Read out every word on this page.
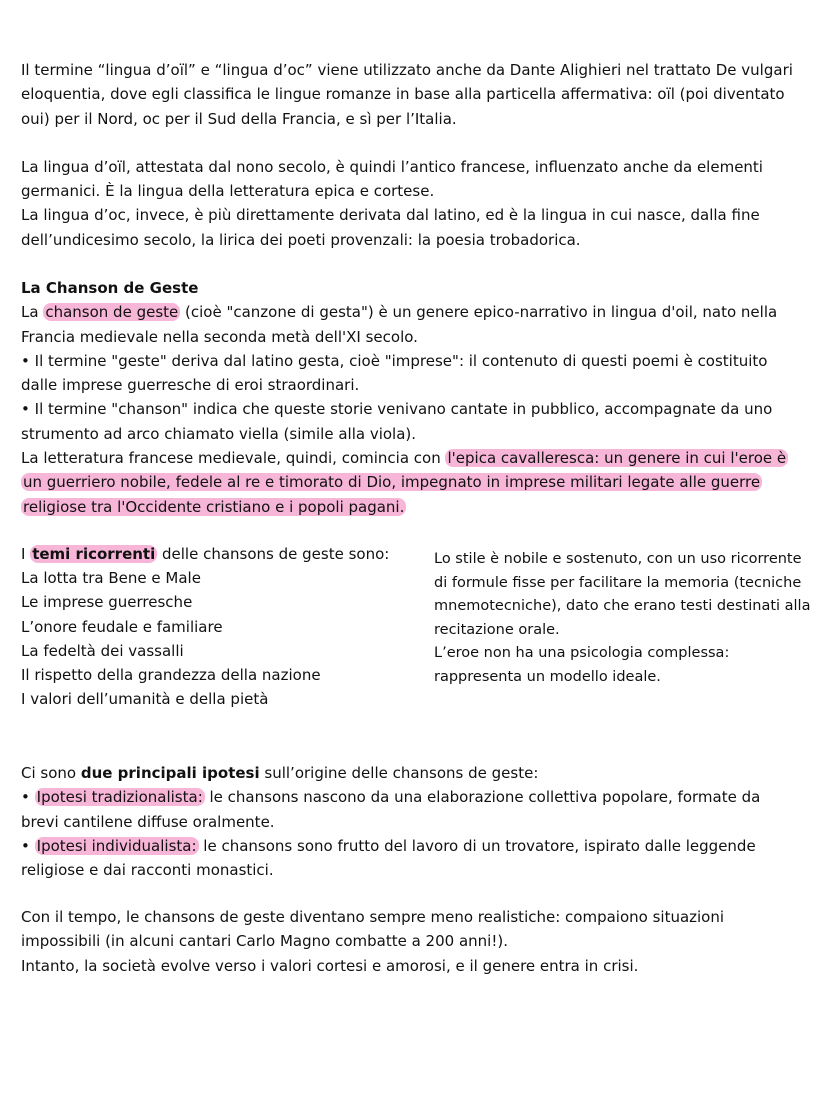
Il termine “lingua d’oïl” e “lingua d’oc” viene utilizzato anche da Dante Alighieri nel trattato De vulgari eloquentia, dove egli classifica le lingue romanze in base alla particella affermativa: oïl (poi diventato oui) per il Nord, oc per il Sud della Francia, e sì per l’Italia.

La lingua d’oïl, attestata dal nono secolo, è quindi l’antico francese, influenzato anche da elementi germanici. È la lingua della letteratura epica e cortese.

La lingua d’oc, invece, è più direttamente derivata dal latino, ed è la lingua in cui nasce, dalla fine dell’undicesimo secolo, la lirica dei poeti provenzali: la poesia trobadorica.

La Chanson de Geste

La chanson de geste (cioè "canzone di gesta") è un genere epico-narrativo in lingua d'oil, nato nella Francia medievale nella seconda metà dell'XI secolo.

• Il termine "geste" deriva dal latino gesta, cioè "imprese": il contenuto di questi poemi è costituito dalle imprese guerresche di eroi straordinari.

• Il termine "chanson" indica che queste storie venivano cantate in pubblico, accompagnate da uno strumento ad arco chiamato viella (simile alla viola).

La letteratura francese medievale, quindi, comincia con l'epica cavalleresca: un genere in cui l'eroe è un guerriero nobile, fedele al re e timorato di Dio, impegnato in imprese militari legate alle guerre religiose tra l'Occidente cristiano e i popoli pagani.

I temi ricorrenti delle chansons de geste sono:

La lotta tra Bene e Male

Le imprese guerresche

L’onore feudale e familiare

La fedeltà dei vassalli

Il rispetto della grandezza della nazione

I valori dell’umanità e della pietà

Lo stile è nobile e sostenuto, con un uso ricorrente di formule fisse per facilitare la memoria (tecniche mnemotecniche), dato che erano testi destinati alla recitazione orale.

L’eroe non ha una psicologia complessa: rappresenta un modello ideale.

Ci sono due principali ipotesi sull’origine delle chansons de geste:

• Ipotesi tradizionalista: le chansons nascono da una elaborazione collettiva popolare, formate da brevi cantilene diffuse oralmente.

• Ipotesi individualista: le chansons sono frutto del lavoro di un trovatore, ispirato dalle leggende religiose e dai racconti monastici.

Con il tempo, le chansons de geste diventano sempre meno realistiche: compaiono situazioni impossibili (in alcuni cantari Carlo Magno combatte a 200 anni!).

Intanto, la società evolve verso i valori cortesi e amorosi, e il genere entra in crisi.
